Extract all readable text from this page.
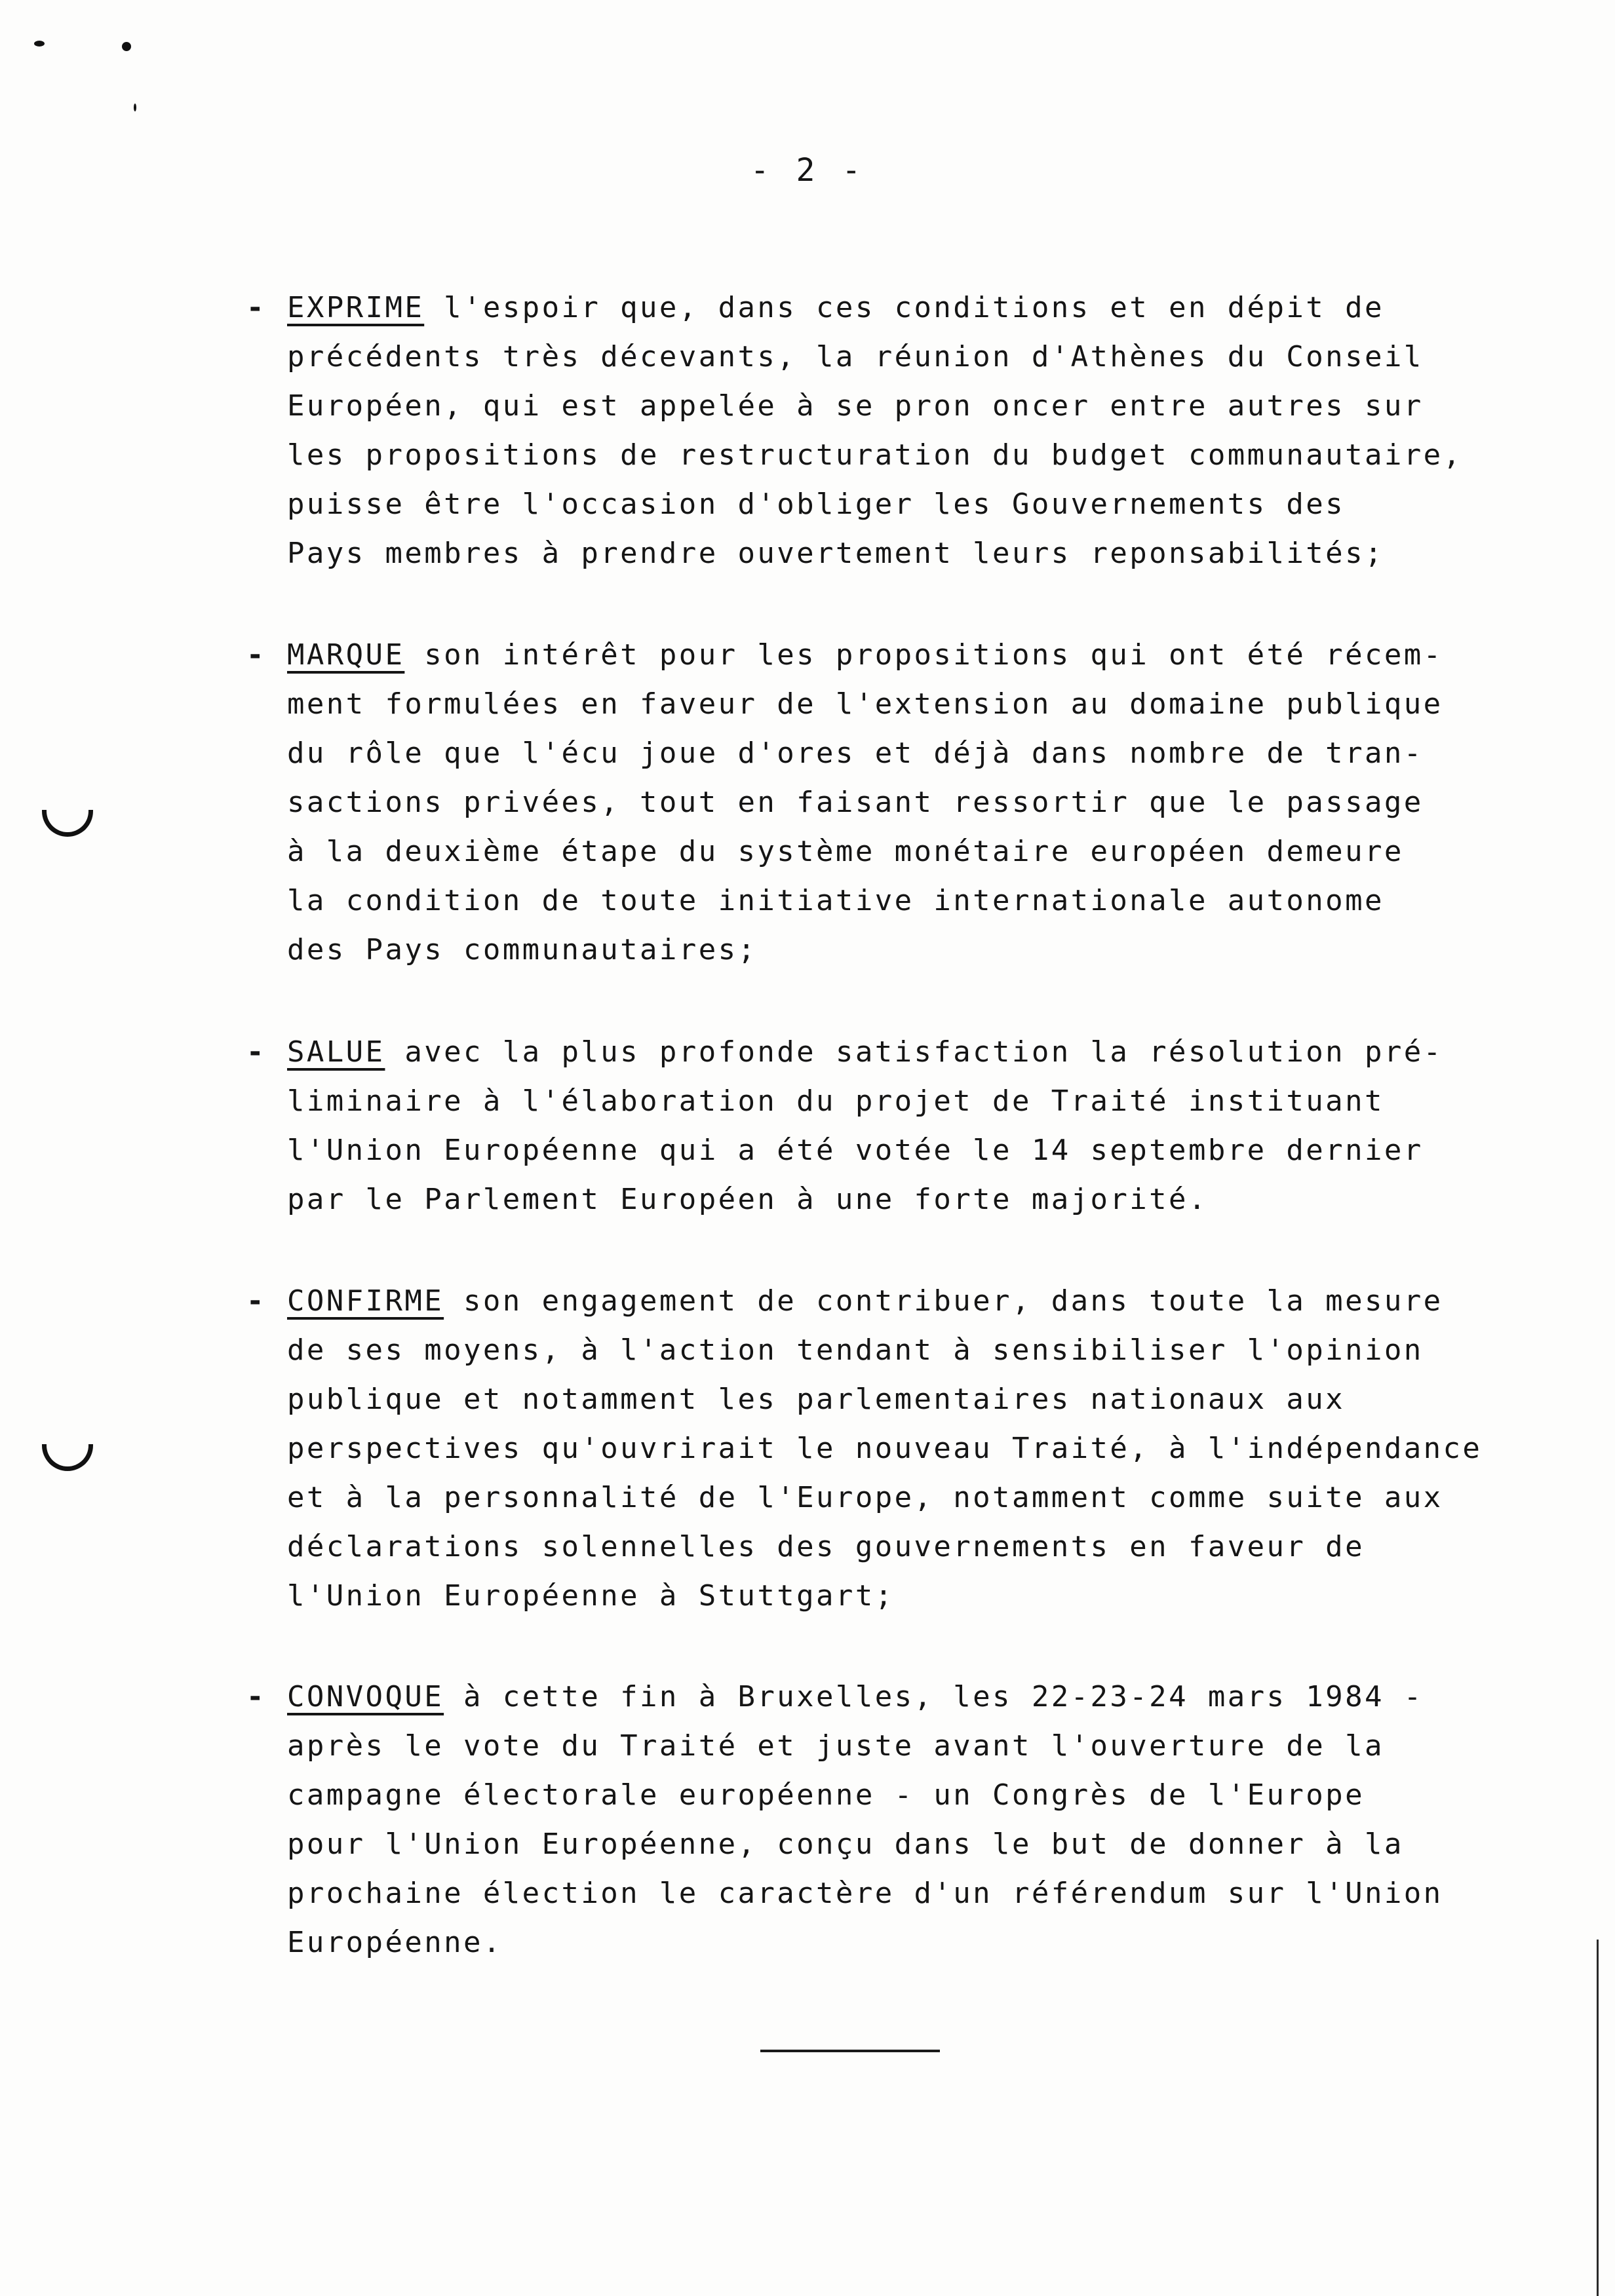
- 2 -
- EXPRIME l'espoir que, dans ces conditions et en dépit de
précédents très décevants, la réunion d'Athènes du Conseil
Européen, qui est appelée à se pron oncer entre autres sur
les propositions de restructuration du budget communautaire,
puisse être l'occasion d'obliger les Gouvernements des
Pays membres à prendre ouvertement leurs reponsabilités;
- MARQUE son intérêt pour les propositions qui ont été récem-
ment formulées en faveur de l'extension au domaine publique
du rôle que l'écu joue d'ores et déjà dans nombre de tran-
sactions privées, tout en faisant ressortir que le passage
à la deuxième étape du système monétaire européen demeure
la condition de toute initiative internationale autonome
des Pays communautaires;
- SALUE avec la plus profonde satisfaction la résolution pré-
liminaire à l'élaboration du projet de Traité instituant
l'Union Européenne qui a été votée le 14 septembre dernier
par le Parlement Européen à une forte majorité.
- CONFIRME son engagement de contribuer, dans toute la mesure
de ses moyens, à l'action tendant à sensibiliser l'opinion
publique et notamment les parlementaires nationaux aux
perspectives qu'ouvrirait le nouveau Traité, à l'indépendance
et à la personnalité de l'Europe, notamment comme suite aux
déclarations solennelles des gouvernements en faveur de
l'Union Européenne à Stuttgart;
- CONVOQUE à cette fin à Bruxelles, les 22-23-24 mars 1984 -
après le vote du Traité et juste avant l'ouverture de la
campagne électorale européenne - un Congrès de l'Europe
pour l'Union Européenne, conçu dans le but de donner à la
prochaine élection le caractère d'un référendum sur l'Union
Européenne.
